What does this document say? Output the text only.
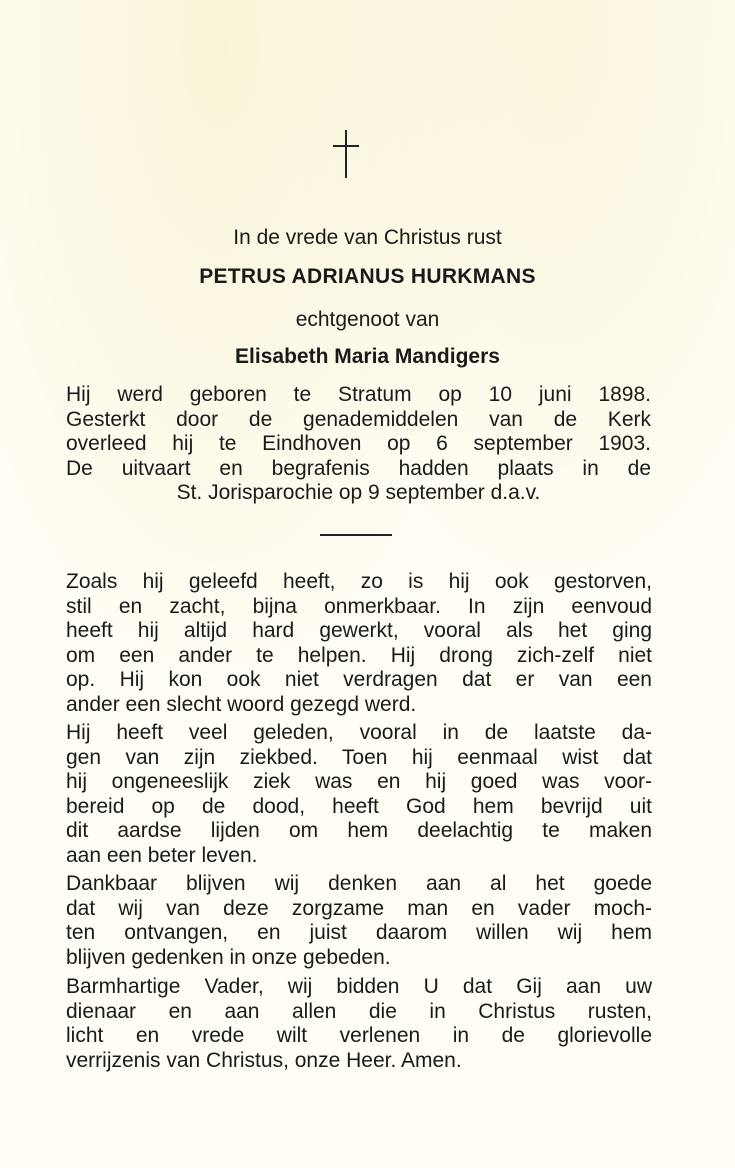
In de vrede van Christus rust
PETRUS ADRIANUS HURKMANS
echtgenoot van
Elisabeth Maria Mandigers
Hij werd geboren te Stratum op 10 juni 1898.
Gesterkt door de genademiddelen van de Kerk
overleed hij te Eindhoven op 6 september 1903.
De uitvaart en begrafenis hadden plaats in de
St. Jorisparochie op 9 september d.a.v.
Zoals hij geleefd heeft, zo is hij ook gestorven,
stil en zacht, bijna onmerkbaar. In zijn eenvoud
heeft hij altijd hard gewerkt, vooral als het ging
om een ander te helpen. Hij drong zich-zelf niet
op. Hij kon ook niet verdragen dat er van een
ander een slecht woord gezegd werd.
Hij heeft veel geleden, vooral in de laatste da-
gen van zijn ziekbed. Toen hij eenmaal wist dat
hij ongeneeslijk ziek was en hij goed was voor-
bereid op de dood, heeft God hem bevrijd uit
dit aardse lijden om hem deelachtig te maken
aan een beter leven.
Dankbaar blijven wij denken aan al het goede
dat wij van deze zorgzame man en vader moch-
ten ontvangen, en juist daarom willen wij hem
blijven gedenken in onze gebeden.
Barmhartige Vader, wij bidden U dat Gij aan uw
dienaar en aan allen die in Christus rusten,
licht en vrede wilt verlenen in de glorievolle
verrijzenis van Christus, onze Heer. Amen.
